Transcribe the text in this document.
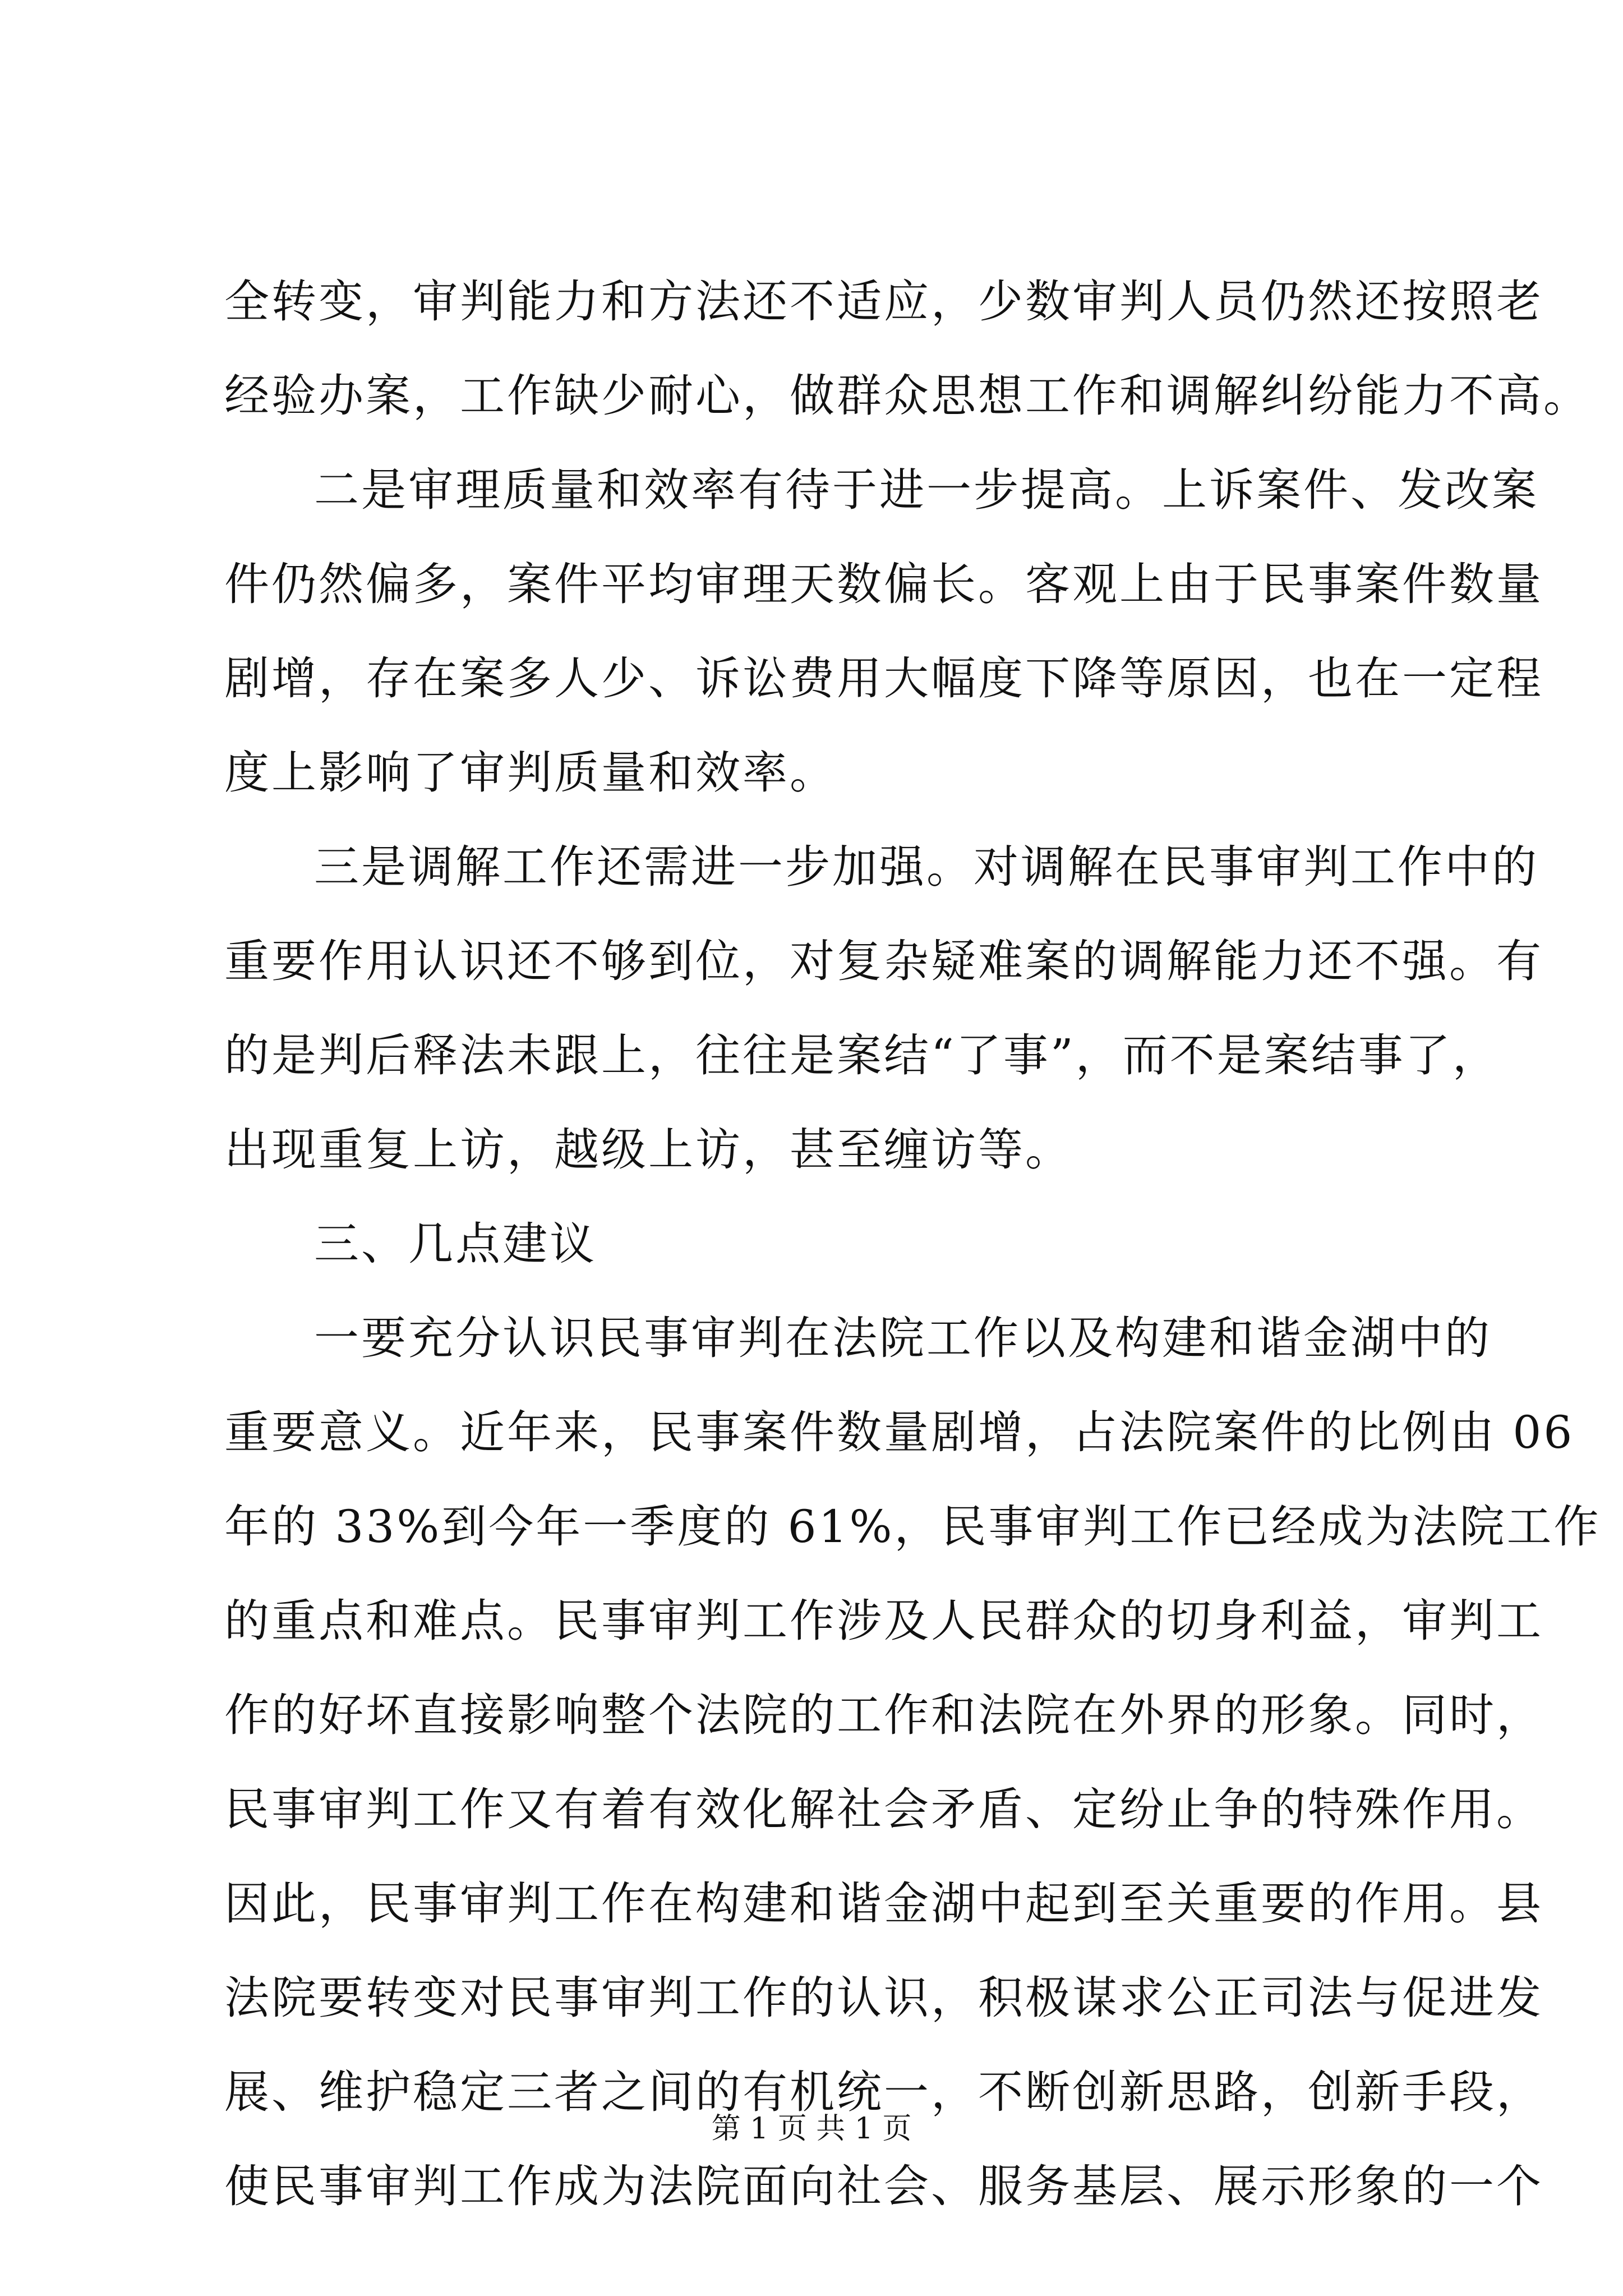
全转变，审判能力和方法还不适应，少数审判人员仍然还按照老
经验办案，工作缺少耐心，做群众思想工作和调解纠纷能力不高。
二是审理质量和效率有待于进一步提高。上诉案件、发改案
件仍然偏多，案件平均审理天数偏长。客观上由于民事案件数量
剧增，存在案多人少、诉讼费用大幅度下降等原因，也在一定程
度上影响了审判质量和效率。
三是调解工作还需进一步加强。对调解在民事审判工作中的
重要作用认识还不够到位，对复杂疑难案的调解能力还不强。有
的是判后释法未跟上，往往是案结“了事”，而不是案结事了，
出现重复上访，越级上访，甚至缠访等。
三、几点建议
一要充分认识民事审判在法院工作以及构建和谐金湖中的
重要意义。近年来，民事案件数量剧增，占法院案件的比例由 06
年的 33%到今年一季度的 61%，民事审判工作已经成为法院工作
的重点和难点。民事审判工作涉及人民群众的切身利益，审判工
作的好坏直接影响整个法院的工作和法院在外界的形象。同时，
民事审判工作又有着有效化解社会矛盾、定纷止争的特殊作用。
因此，民事审判工作在构建和谐金湖中起到至关重要的作用。县
法院要转变对民事审判工作的认识，积极谋求公正司法与促进发
展、维护稳定三者之间的有机统一，不断创新思路，创新手段，
使民事审判工作成为法院面向社会、服务基层、展示形象的一个
第 1 页 共 1 页
